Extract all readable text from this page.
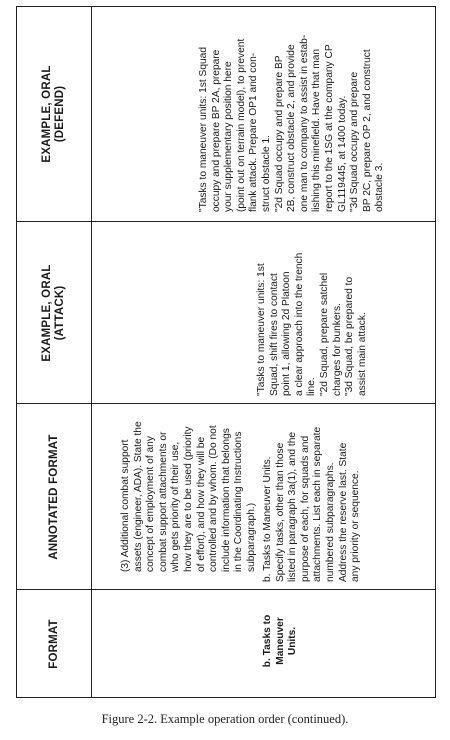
FORMAT
ANNOTATED FORMAT
EXAMPLE, ORAL (ATTACK)
EXAMPLE, ORAL (DEFEND)
(3) Additional combat support
assets (engineer, ADA). State the
concept of employment of any
combat support attachments or
who gets priority of their use,
how they are to be used (priority
of effort), and how they will be
controlled and by whom. (Do not
include information that belongs
in the Coordinating Instructions
subparagraph.)
b. Tasks to
Maneuver
Units.
b. Tasks to Maneuver Units.
Specify tasks, other than those
listed in paragraph 3a(1), and the
purpose of each, for squads and
attachments. List each in separate
numbered subparagraphs.
Address the reserve last. State
any priority or sequence.
"Tasks to maneuver units: 1st
Squad, shift fires to contact
point 1, allowing 2d Platoon
a clear approach into the trench
line.
"2d Squad, prepare satchel
charges for bunkers.
"3d Squad, be prepared to
assist main attack.
"Tasks to maneuver units: 1st Squad
occupy and prepare BP 2A, prepare
your supplementary position here
(point out on terrain model), to prevent
flank attack. Prepare OP1 and con-
struct obstacle 1.
"2d Squad occupy and prepare BP
2B, construct obstacle 2, and provide
one man to company to assist in estab-
lishing this minefield. Have that man
report to the 1SG at the company CP
GL119445, at 1400 today.
"3d Squad occupy and prepare
BP 2C, prepare OP 2, and construct
obstacle 3.
Figure 2-2. Example operation order (continued).
